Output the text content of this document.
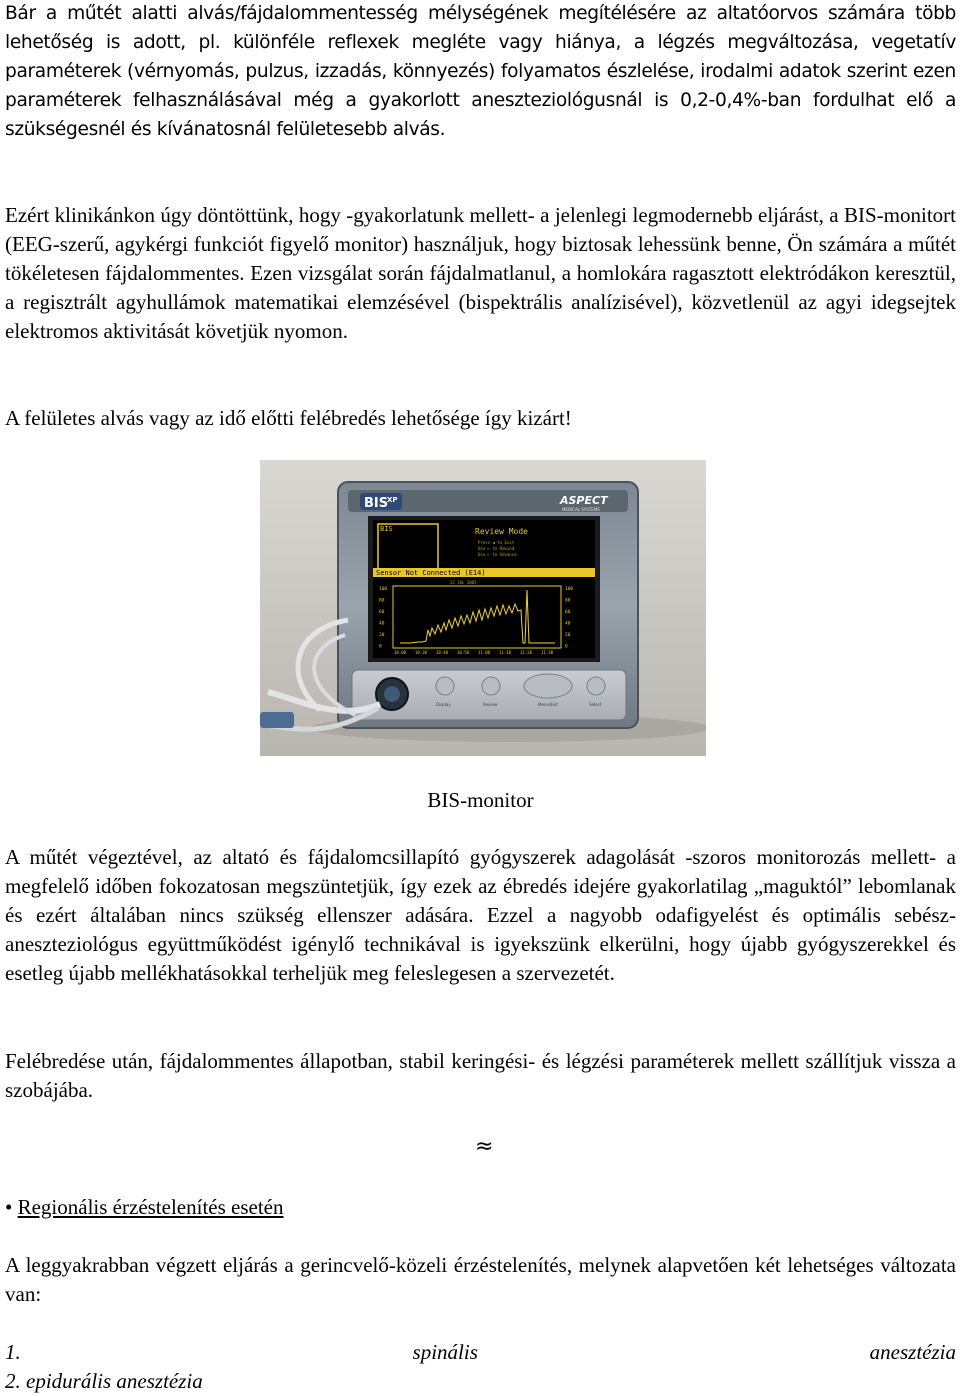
Bár a műtét alatti alvás/fájdalommentesség mélységének megítélésére az altatóorvos számára több lehetőség is adott, pl. különféle reflexek megléte vagy hiánya, a légzés megváltozása, vegetatív paraméterek (vérnyomás, pulzus, izzadás, könnyezés) folyamatos észlelése, irodalmi adatok szerint ezen paraméterek felhasználásával még a gyakorlott aneszteziológusnál is 0,2-0,4%-ban fordulhat elő a szükségesnél és kívánatosnál felületesebb alvás.

Ezért klinikánkon úgy döntöttünk, hogy -gyakorlatunk mellett- a jelenlegi legmodernebb eljárást, a BIS-monitort (EEG-szerű, agykérgi funkciót figyelő monitor) használjuk, hogy biztosak lehessünk benne, Ön számára a műtét tökéletesen fájdalommentes. Ezen vizsgálat során fájdalmatlanul, a homlokára ragasztott elektródákon keresztül, a regisztrált agyhullámok matematikai elemzésével (bispektrális analízisével), közvetlenül az agyi idegsejtek elektromos aktivitását követjük nyomon.

A felületes alvás vagy az idő előtti felébredés lehetősége így kizárt!

BIS
XP	ASPECT
MEDICAL SYSTEMS
BIS	Review Mode
Press ◀ to Exit
Use ▷ to Rewind
Use ▷ to Advance
Sensor Not Connected (E14)
22 JUL 2005
100
80
60
40
20
0
100
80
60
40
20
0
10:00 10:30 10:40 10:50 11:00 11:10 11:20 11:30
Display	Review	Menu/Exit	Select

BIS-monitor

A műtét végeztével, az altató és fájdalomcsillapító gyógyszerek adagolását -szoros monitorozás mellett- a megfelelő időben fokozatosan megszüntetjük, így ezek az ébredés idejére gyakorlatilag „maguktól” lebomlanak és ezért általában nincs szükség ellenszer adására. Ezzel a nagyobb odafigyelést és optimális sebész-aneszteziológus együttműködést igénylő technikával is igyekszünk elkerülni, hogy újabb gyógyszerekkel és esetleg újabb mellékhatásokkal terheljük meg feleslegesen a szervezetét.

Felébredése után, fájdalommentes állapotban, stabil keringési- és légzési paraméterek mellett szállítjuk vissza a szobájába.

≈

• Regionális érzéstelenítés esetén

A leggyakrabban végzett eljárás a gerincvelő-közeli érzéstelenítés, melynek alapvetően két lehetséges változata van:

1.	spinális	anesztézia

2. epidurális anesztézia
